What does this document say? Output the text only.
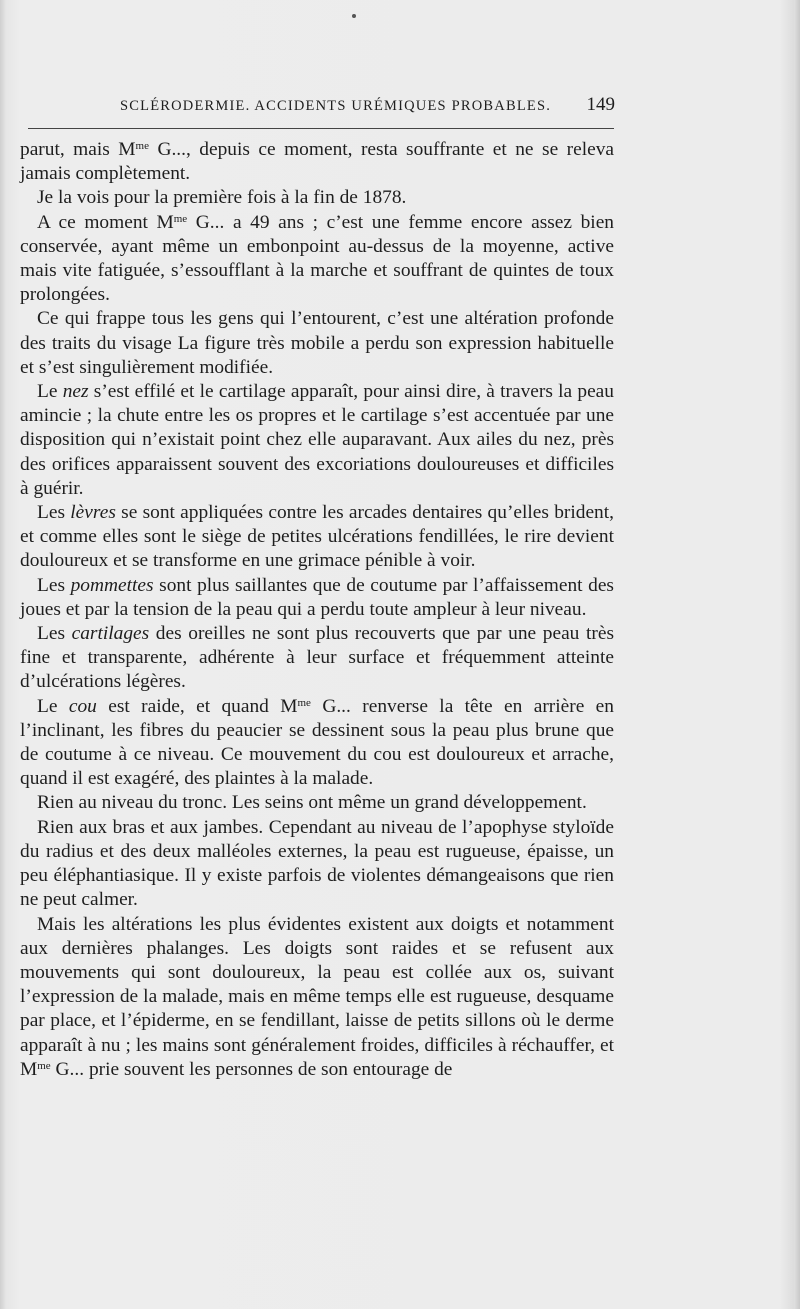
SCLÉRODERMIE. ACCIDENTS URÉMIQUES PROBABLES. 149

parut, mais $M^{me}$ G..., depuis ce moment, resta souffrante et ne se releva jamais complètement.

Je la vois pour la première fois à la fin de 1878.

A ce moment $M^{me}$ G... a 49 ans ; c’est une femme encore assez bien conservée, ayant même un embonpoint au-dessus de la moyenne, active mais vite fatiguée, s’essoufflant à la marche et souffrant de quintes de toux prolongées.

Ce qui frappe tous les gens qui l’entourent, c’est une altération profonde des traits du visage La figure très mobile a perdu son expression habituelle et s’est singulièrement modifiée.

Le nez s’est effilé et le cartilage apparaît, pour ainsi dire, à travers la peau amincie ; la chute entre les os propres et le cartilage s’est accentuée par une disposition qui n’existait point chez elle auparavant. Aux ailes du nez, près des orifices apparaissent souvent des excoriations douloureuses et difficiles à guérir.

Les lèvres se sont appliquées contre les arcades dentaires qu’elles brident, et comme elles sont le siège de petites ulcérations fendillées, le rire devient douloureux et se transforme en une grimace pénible à voir.

Les pommettes sont plus saillantes que de coutume par l’affaissement des joues et par la tension de la peau qui a perdu toute ampleur à leur niveau.

Les cartilages des oreilles ne sont plus recouverts que par une peau très fine et transparente, adhérente à leur surface et fréquemment atteinte d’ulcérations légères.

Le cou est raide, et quand $M^{me}$ G... renverse la tête en arrière en l’inclinant, les fibres du peaucier se dessinent sous la peau plus brune que de coutume à ce niveau. Ce mouvement du cou est douloureux et arrache, quand il est exagéré, des plaintes à la malade.

Rien au niveau du tronc. Les seins ont même un grand développement.

Rien aux bras et aux jambes. Cependant au niveau de l’apophyse styloïde du radius et des deux malléoles externes, la peau est rugueuse, épaisse, un peu éléphantiasique. Il y existe parfois de violentes démangeaisons que rien ne peut calmer.

Mais les altérations les plus évidentes existent aux doigts et notamment aux dernières phalanges. Les doigts sont raides et se refusent aux mouvements qui sont douloureux, la peau est collée aux os, suivant l’expression de la malade, mais en même temps elle est rugueuse, desquame par place, et l’épiderme, en se fendillant, laisse de petits sillons où le derme apparaît à nu ; les mains sont généralement froides, difficiles à réchauffer, et $M^{me}$ G... prie souvent les personnes de son entourage de
